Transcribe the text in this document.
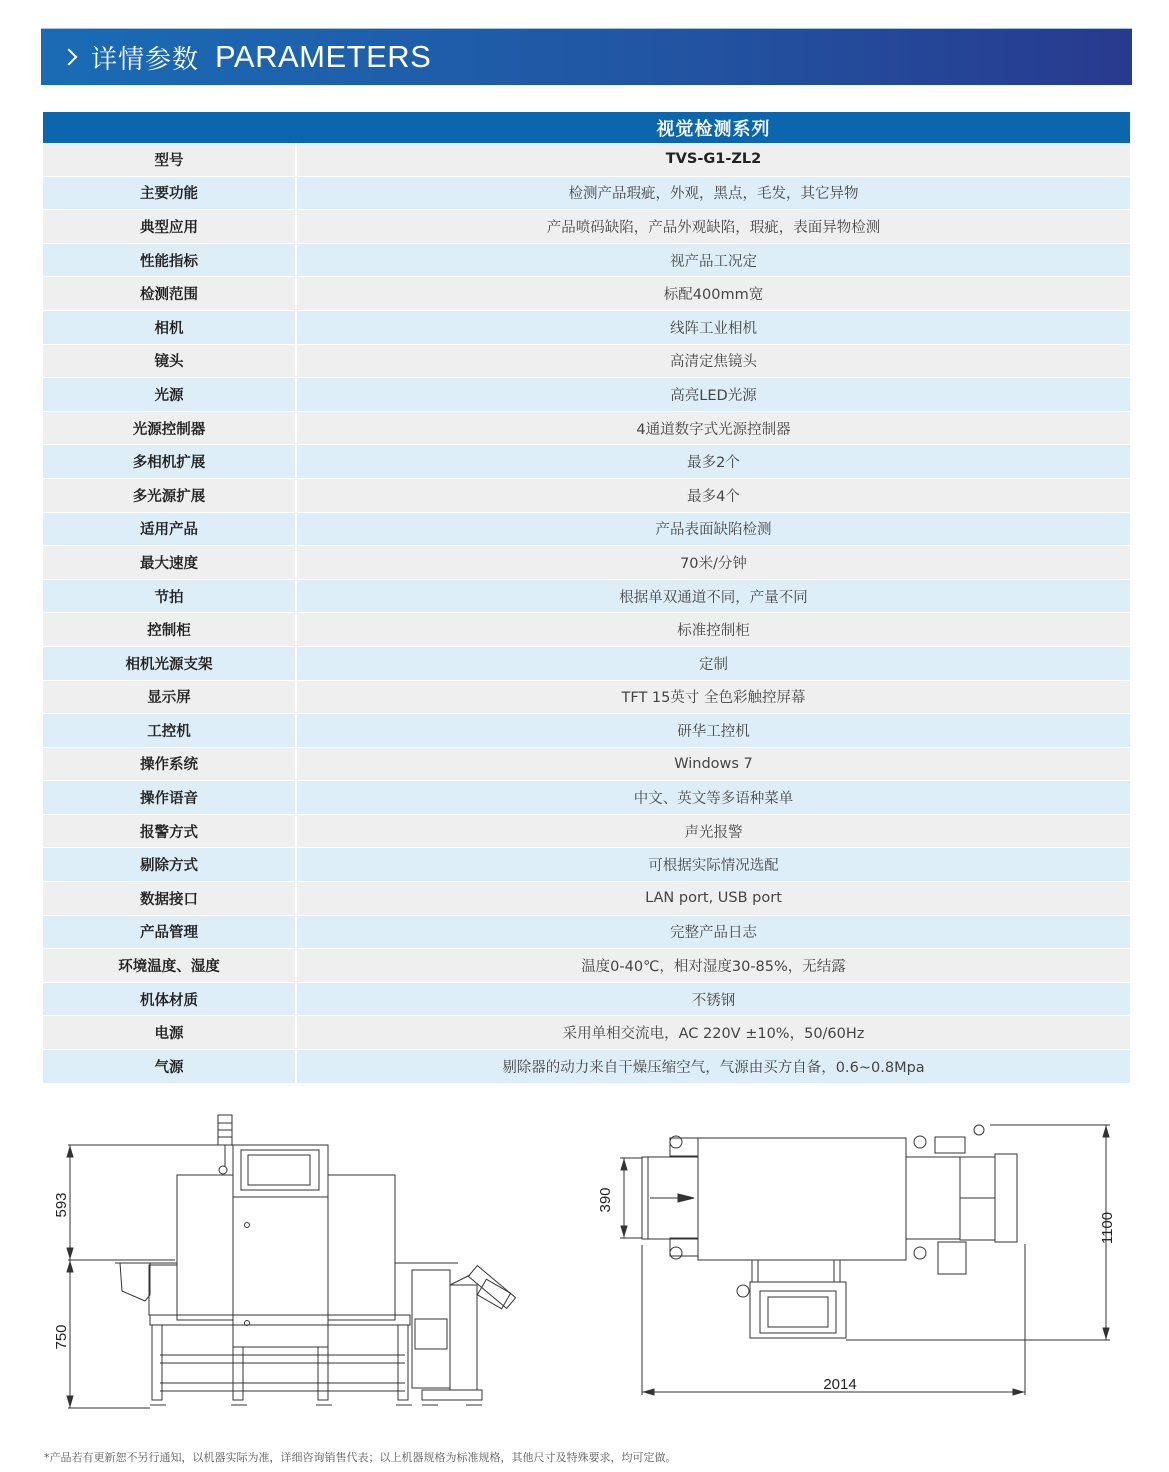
详情参数 PARAMETERS
视觉检测系列
型号	TVS-G1-ZL2
主要功能	检测产品瑕疵，外观，黑点，毛发，其它异物
典型应用	产品喷码缺陷，产品外观缺陷，瑕疵，表面异物检测
性能指标	视产品工况定
检测范围	标配400mm宽
相机	线阵工业相机
镜头	高清定焦镜头
光源	高亮LED光源
光源控制器	4通道数字式光源控制器
多相机扩展	最多2个
多光源扩展	最多4个
适用产品	产品表面缺陷检测
最大速度	70米/分钟
节拍	根据单双通道不同，产量不同
控制柜	标准控制柜
相机光源支架	定制
显示屏	TFT 15英寸 全色彩触控屏幕
工控机	研华工控机
操作系统	Windows 7
操作语音	中文、英文等多语种菜单
报警方式	声光报警
剔除方式	可根据实际情况选配
数据接口	LAN port, USB port
产品管理	完整产品日志
环境温度、湿度	温度0-40℃，相对湿度30-85%，无结露
机体材质	不锈钢
电源	采用单相交流电，AC 220V ±10%，50/60Hz
气源	剔除器的动力来自干燥压缩空气，气源由买方自备，0.6~0.8Mpa
593
750
390
1100
2014
*产品若有更新恕不另行通知，以机器实际为准，详细咨询销售代表；以上机器规格为标准规格，其他尺寸及特殊要求，均可定做。
